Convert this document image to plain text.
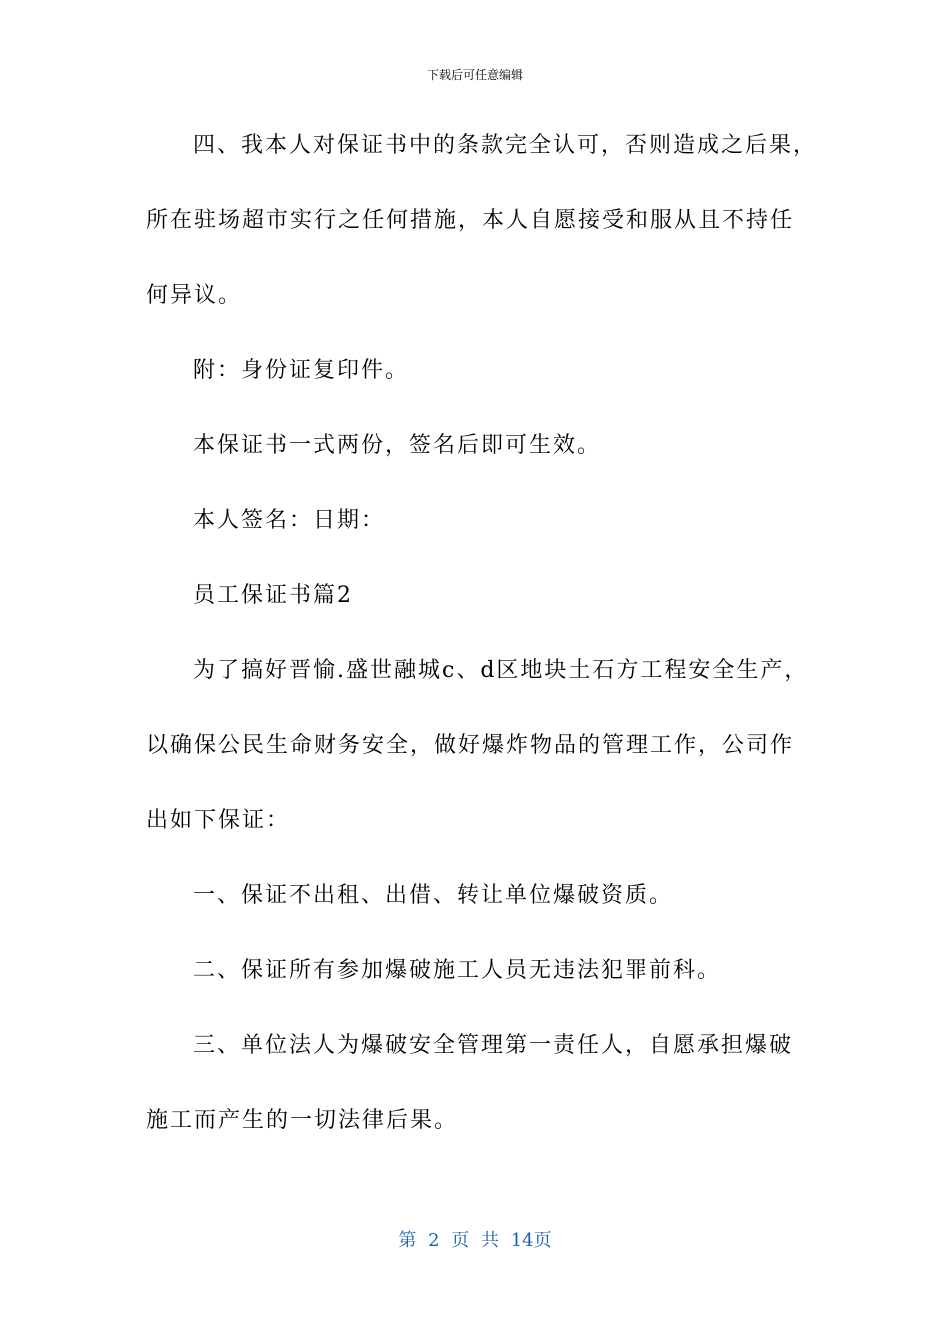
下载后可任意编辑
四、我本人对保证书中的条款完全认可，否则造成之后果，
所在驻场超市实行之任何措施，本人自愿接受和服从且不持任
何异议。
附：身份证复印件。
本保证书一式两份，签名后即可生效。
本人签名：日期：
员工保证书篇2
为了搞好晋愉.盛世融城c、d区地块土石方工程安全生产，
以确保公民生命财务安全，做好爆炸物品的管理工作，公司作
出如下保证：
一、保证不出租、出借、转让单位爆破资质。
二、保证所有参加爆破施工人员无违法犯罪前科。
三、单位法人为爆破安全管理第一责任人，自愿承担爆破
施工而产生的一切法律后果。
第 2 页 共 14页
